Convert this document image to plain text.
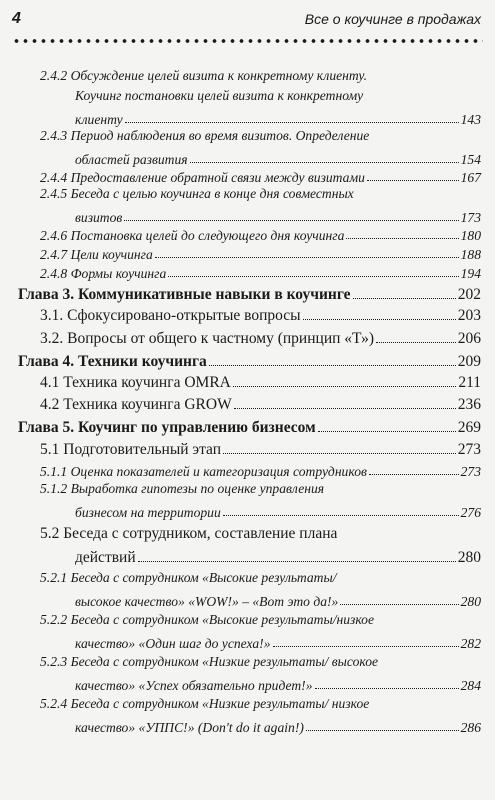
4	Все о коучинге в продажах
2.4.2 Обсуждение целей визита к конкретному клиенту.
Коучинг постановки целей визита к конкретному
клиенту	143
2.4.3 Период наблюдения во время визитов. Определение
областей развития	154
2.4.4 Предоставление обратной связи между визитами	167
2.4.5 Беседа с целью коучинга в конце дня совместных
визитов	173
2.4.6 Постановка целей до следующего дня коучинга	180
2.4.7 Цели коучинга	188
2.4.8 Формы коучинга	194
Глава 3. Коммуникативные навыки в коучинге	202
3.1. Сфокусировано-открытые вопросы	203
3.2. Вопросы от общего к частному (принцип «Т»)	206
Глава 4. Техники коучинга	209
4.1 Техника коучинга OMRA	211
4.2 Техника коучинга GROW	236
Глава 5. Коучинг по управлению бизнесом	269
5.1 Подготовительный этап	273
5.1.1 Оценка показателей и категоризация сотрудников	273
5.1.2 Выработка гипотезы по оценке управления
бизнесом на территории	276
5.2 Беседа с сотрудником, составление плана
действий	280
5.2.1 Беседа с сотрудником «Высокие результаты/
высокое качество» «WOW!» – «Вот это да!»	280
5.2.2 Беседа с сотрудником «Высокие результаты/низкое
качество» «Один шаг до успеха!»	282
5.2.3 Беседа с сотрудником «Низкие результаты/ высокое
качество» «Успех обязательно придет!»	284
5.2.4 Беседа с сотрудником «Низкие результаты/ низкое
качество» «УППС!» (Don't do it again!)	286
